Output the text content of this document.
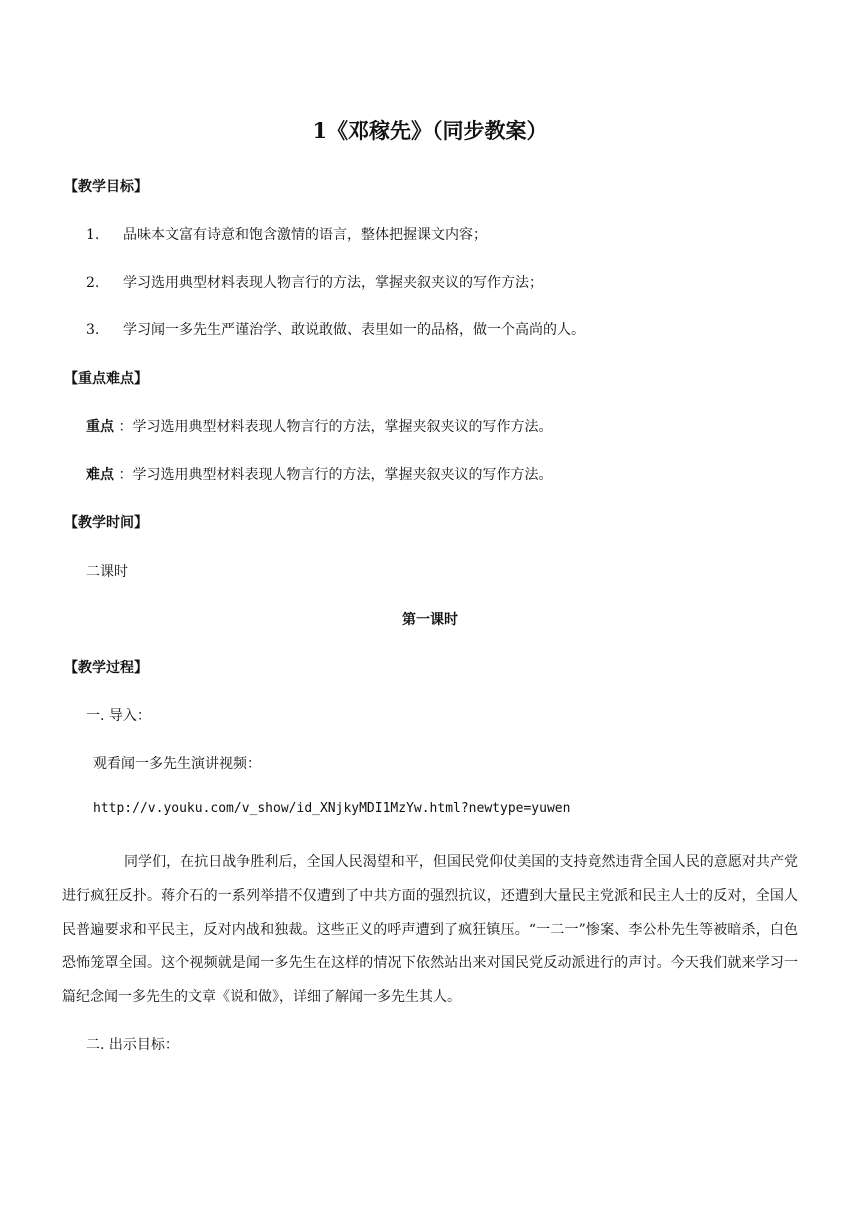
1《邓稼先》（同步教案）
【教学目标】
1. 品味本文富有诗意和饱含激情的语言，整体把握课文内容；
2. 学习选用典型材料表现人物言行的方法，掌握夹叙夹议的写作方法；
3. 学习闻一多先生严谨治学、敢说敢做、表里如一的品格，做一个高尚的人。
【重点难点】
重点 ：学习选用典型材料表现人物言行的方法，掌握夹叙夹议的写作方法。
难点 ：学习选用典型材料表现人物言行的方法，掌握夹叙夹议的写作方法。
【教学时间】
二课时
第一课时
【教学过程】
一. 导入：
观看闻一多先生演讲视频：
http://v.youku.com/v_show/id_XNjkyMDI1MzYw.html?newtype=yuwen
同学们，在抗日战争胜利后，全国人民渴望和平，但国民党仰仗美国的支持竟然违背全国人民的意愿对共产党进行疯狂反扑。蒋介石的一系列举措不仅遭到了中共方面的强烈抗议，还遭到大量民主党派和民主人士的反对，全国人民普遍要求和平民主，反对内战和独裁。这些正义的呼声遭到了疯狂镇压。“一二一”惨案、李公朴先生等被暗杀，白色恐怖笼罩全国。这个视频就是闻一多先生在这样的情况下依然站出来对国民党反动派进行的声讨。今天我们就来学习一篇纪念闻一多先生的文章《说和做》，详细了解闻一多先生其人。
二. 出示目标：
